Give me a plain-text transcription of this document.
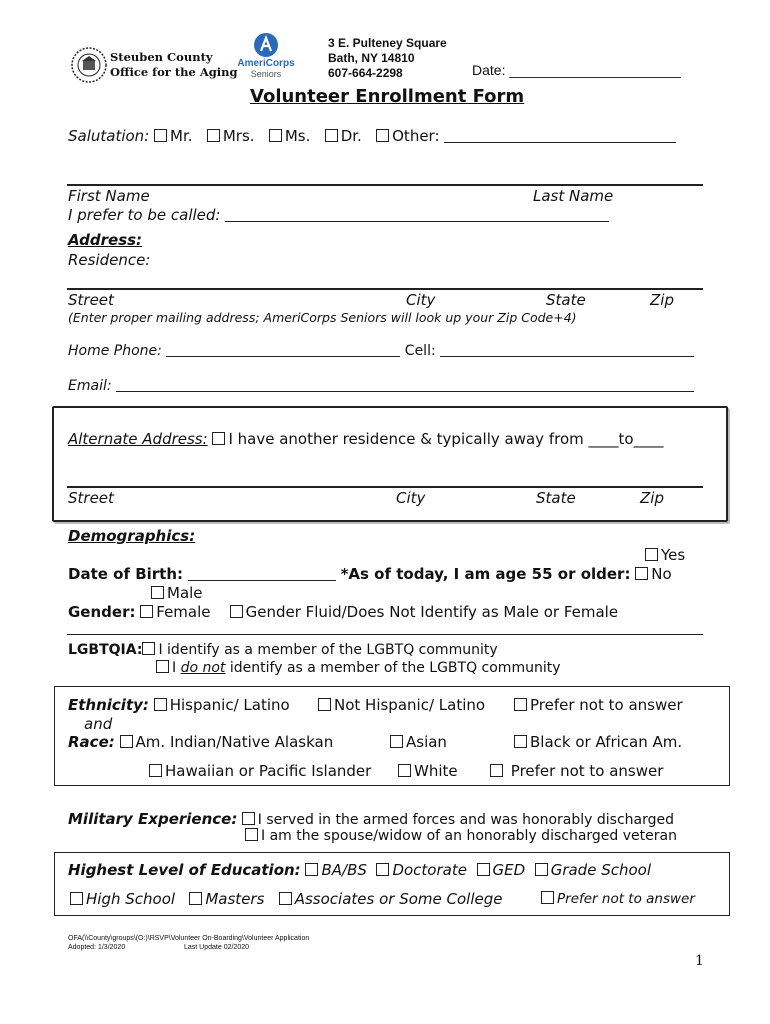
Steuben County
Office for the Aging
AmeriCorps
Seniors
3 E. Pulteney Square
Bath, NY 14810
607-664-2298	Date: ______________________
Volunteer Enrollment Form
Salutation: Mr. Mrs. Ms. Dr. Other:
First Name	Last Name
I prefer to be called:
Address:
Residence:
Street	City	State	Zip
(Enter proper mailing address; AmeriCorps Seniors will look up your Zip Code+4)
Home Phone:	Cell:
Email:
Alternate Address: I have another residence & typically away from ____to____
Street	City	State	Zip
Demographics:
Yes
Date of Birth:	*As of today, I am age 55 or older: No
Male
Gender: Female Gender Fluid/Does Not Identify as Male or Female
LGBTQIA: I identify as a member of the LGBTQ community
I do not identify as a member of the LGBTQ community
Ethnicity: Hispanic/ Latino	Not Hispanic/ Latino	Prefer not to answer
and
Race: Am. Indian/Native Alaskan	Asian	Black or African Am.
Hawaiian or Pacific Islander	White	Prefer not to answer
Military Experience: I served in the armed forces and was honorably discharged
I am the spouse/widow of an honorably discharged veteran
Highest Level of Education: BA/BS Doctorate GED Grade School
High School Masters Associates or Some College	Prefer not to answer
OFA(\\County\groups\(O:)\RSVP\Volunteer On-Boarding\Volunteer Application
Adopted: 1/3/2020	Last Update 02/2020
1
